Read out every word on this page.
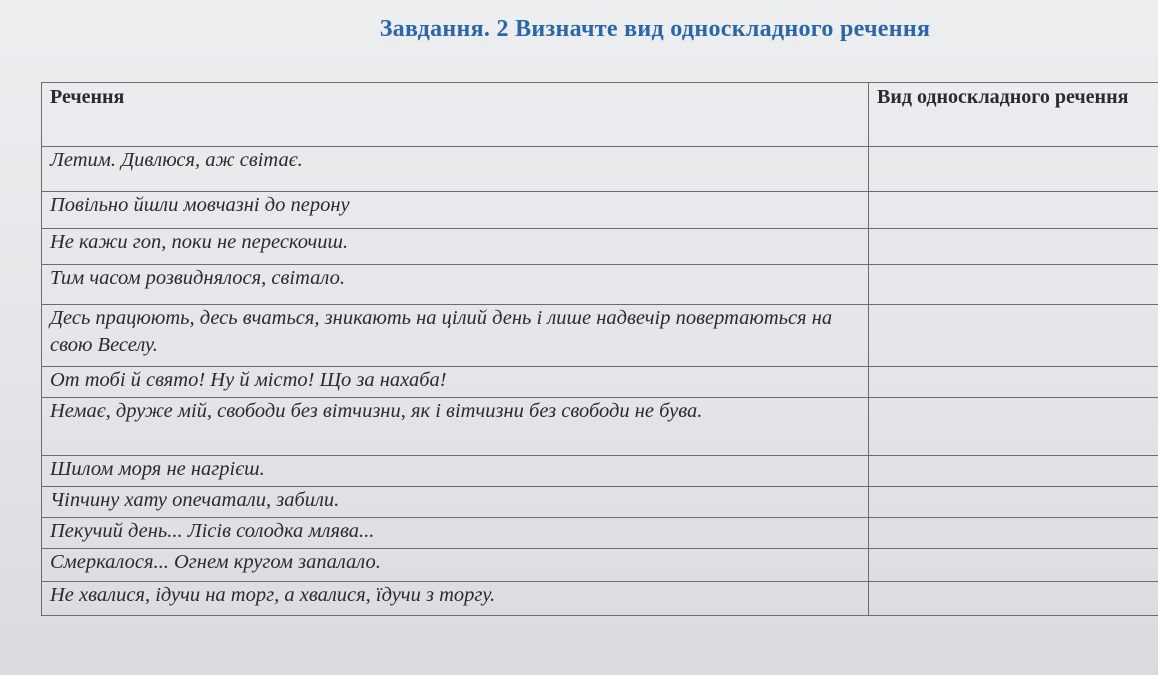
Завдання. 2 Визначте вид односкладного речення
Речення	Вид односкладного речення
Летим. Дивлюся, аж світає.	
Повільно йшли мовчазні до перону	
Не кажи гоп, поки не перескочиш.	
Тим часом розвиднялося, світало.	
Десь працюють, десь вчаться, зникають на цілий день і лише надвечір повертаються на свою Веселу.	
От тобі й свято! Ну й місто! Що за нахаба!	
Немає, друже мій, свободи без вітчизни, як і вітчизни без свободи не бува.	
Шилом моря не нагрієш.	
Чіпчину хату опечатали, забили.	
Пекучий день... Лісів солодка млява...	
Смеркалося... Огнем кругом запалало.	
Не хвалися, ідучи на торг, а хвалися, їдучи з торгу.	
